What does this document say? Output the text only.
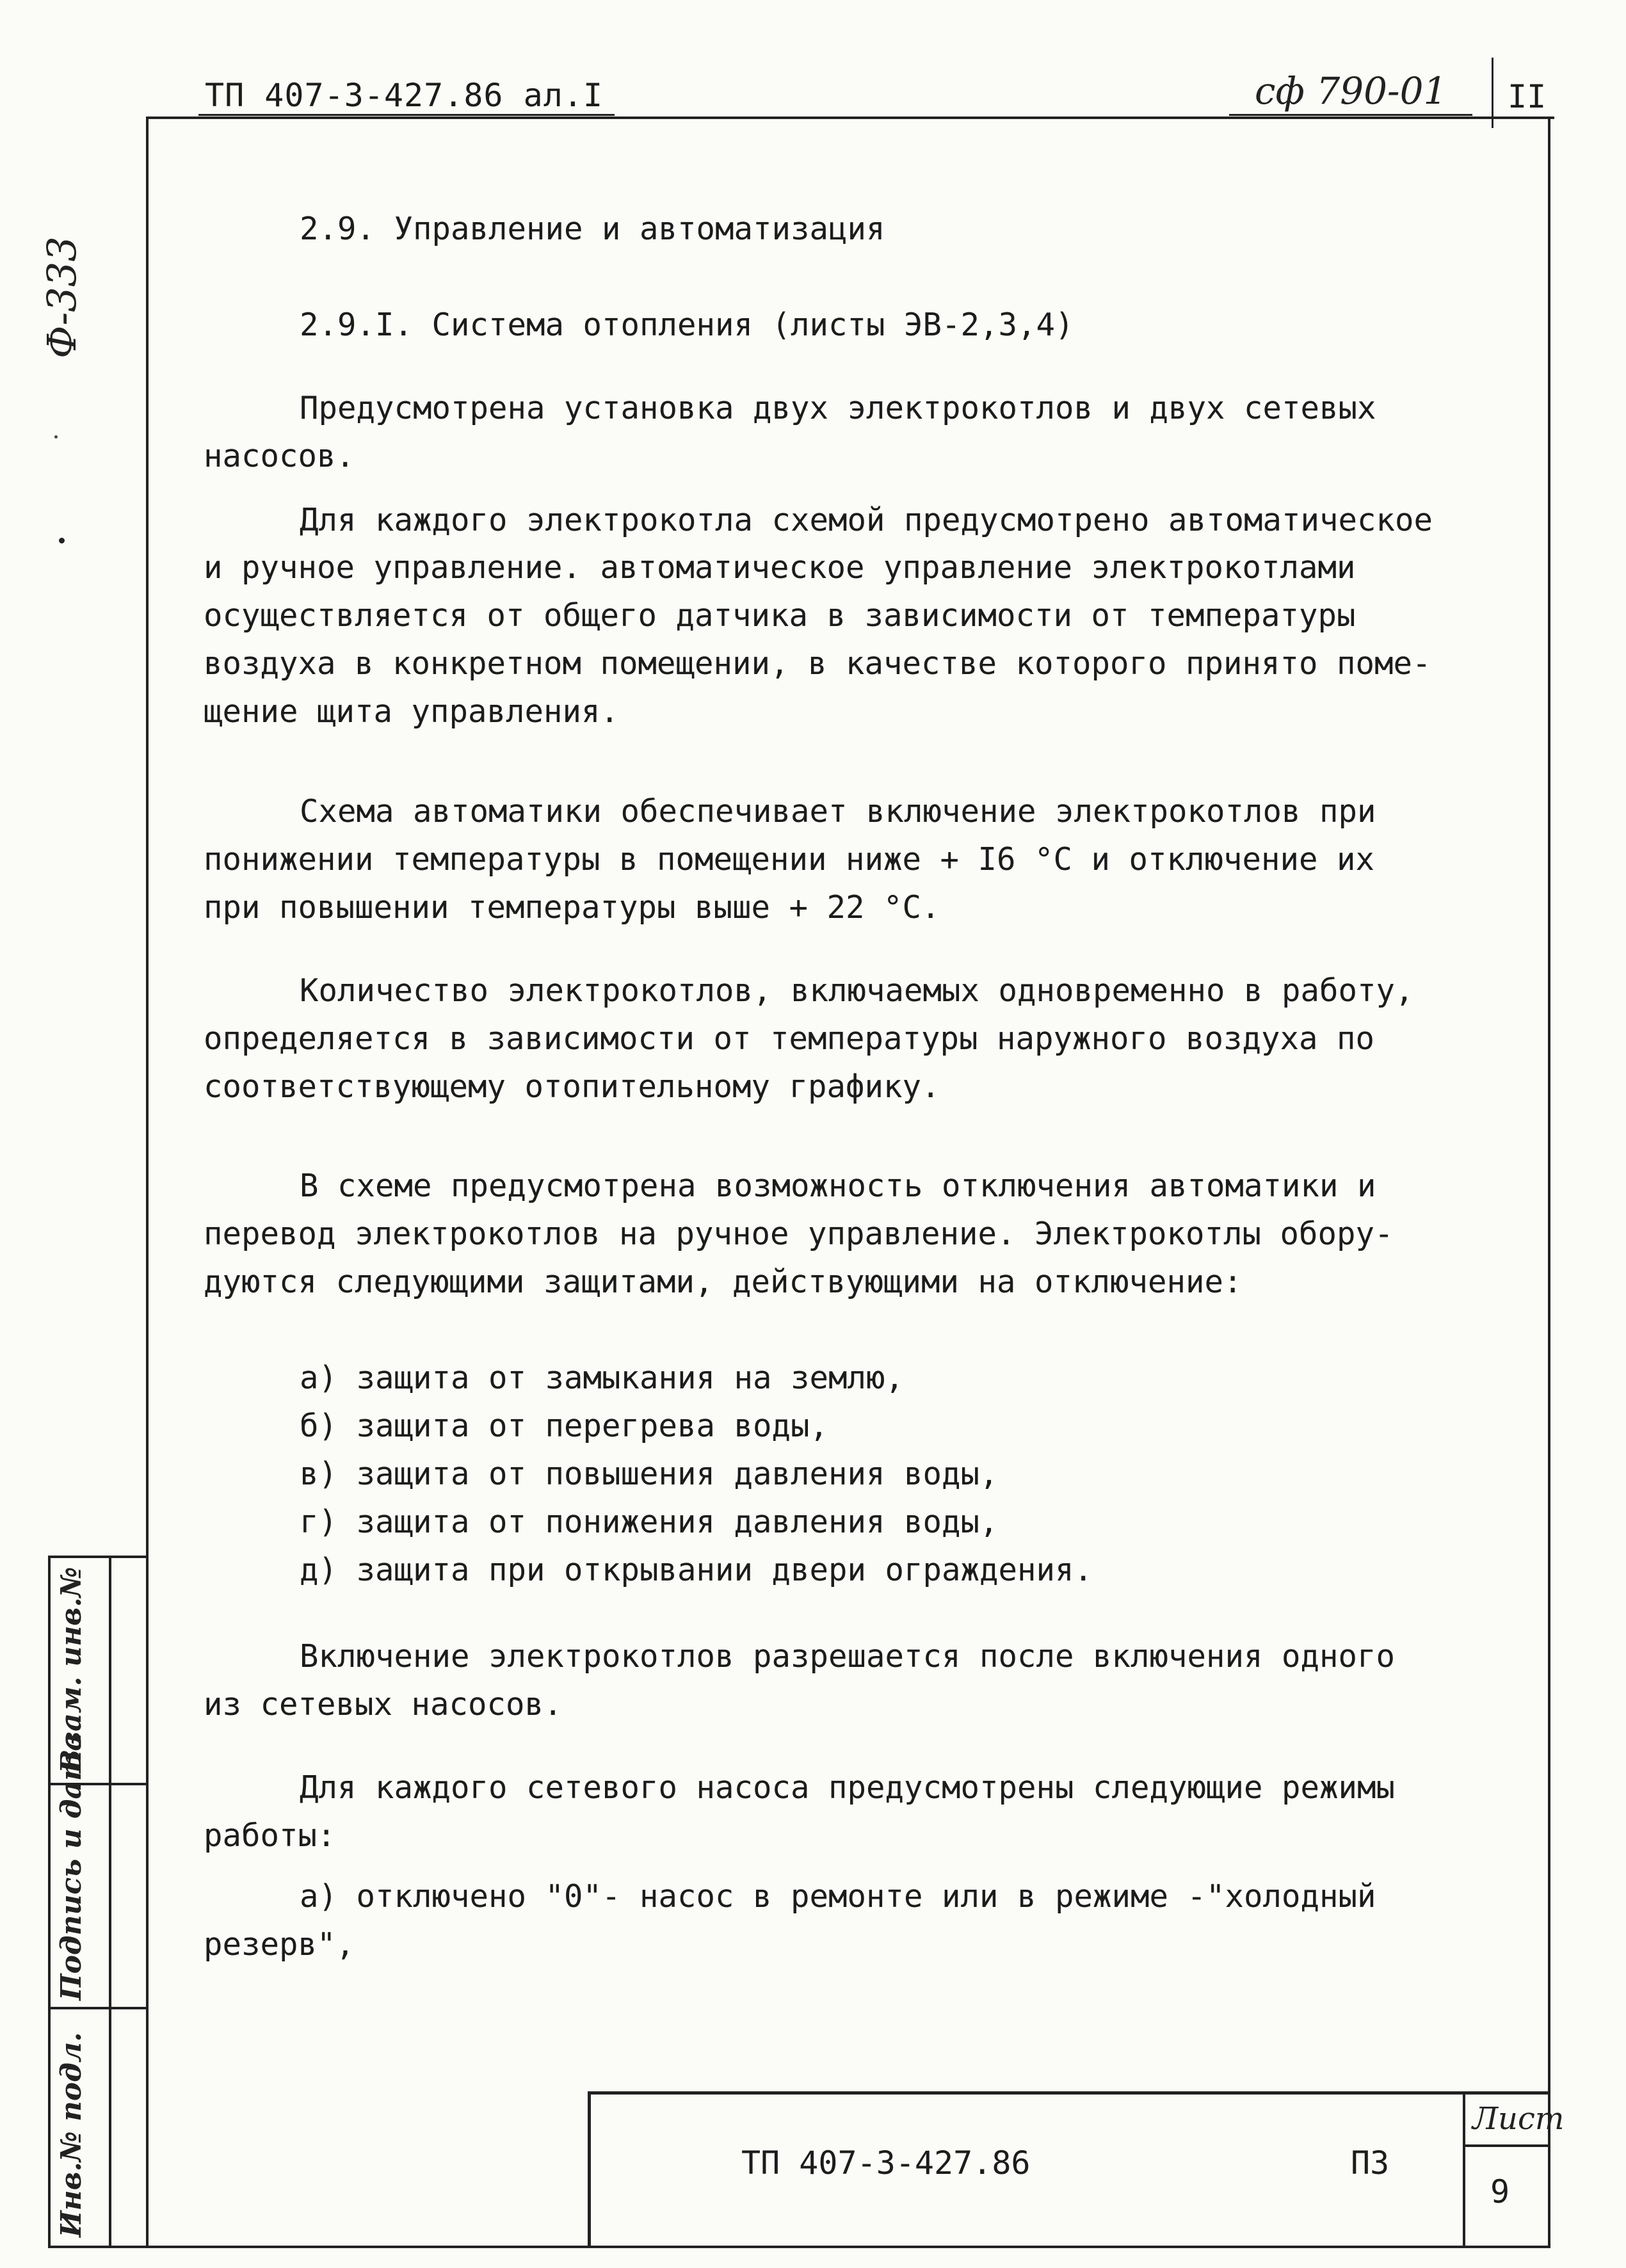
ТП 407-3-427.86 ал.I	сф 790-01 II
Ф-333
Взам. инв.№
Подпись и дата
Инв.№ подл.
2.9. Управление и автоматизация
2.9.I. Система отопления (листы ЭВ-2,3,4)
Предусмотрена установка двух электрокотлов и двух сетевых
насосов.
Для каждого электрокотла схемой предусмотрено автоматическое
и ручное управление. автоматическое управление электрокотлами
осуществляется от общего датчика в зависимости от температуры
воздуха в конкретном помещении, в качестве которого принято поме-
щение щита управления.
Схема автоматики обеспечивает включение электрокотлов при
понижении температуры в помещении ниже + I6 °С и отключение их
при повышении температуры выше + 22 °С.
Количество электрокотлов, включаемых одновременно в работу,
определяется в зависимости от температуры наружного воздуха по
соответствующему отопительному графику.
В схеме предусмотрена возможность отключения автоматики и
перевод электрокотлов на ручное управление. Электрокотлы обору-
дуются следующими защитами, действующими на отключение:
а) защита от замыкания на землю,
б) защита от перегрева воды,
в) защита от повышения давления воды,
г) защита от понижения давления воды,
д) защита при открывании двери ограждения.
Включение электрокотлов разрешается после включения одного
из сетевых насосов.
Для каждого сетевого насоса предусмотрены следующие режимы
работы:
а) отключено "0"- насос в ремонте или в режиме -"холодный
резерв",
ТП 407-3-427.86	ПЗ
Лист
9
